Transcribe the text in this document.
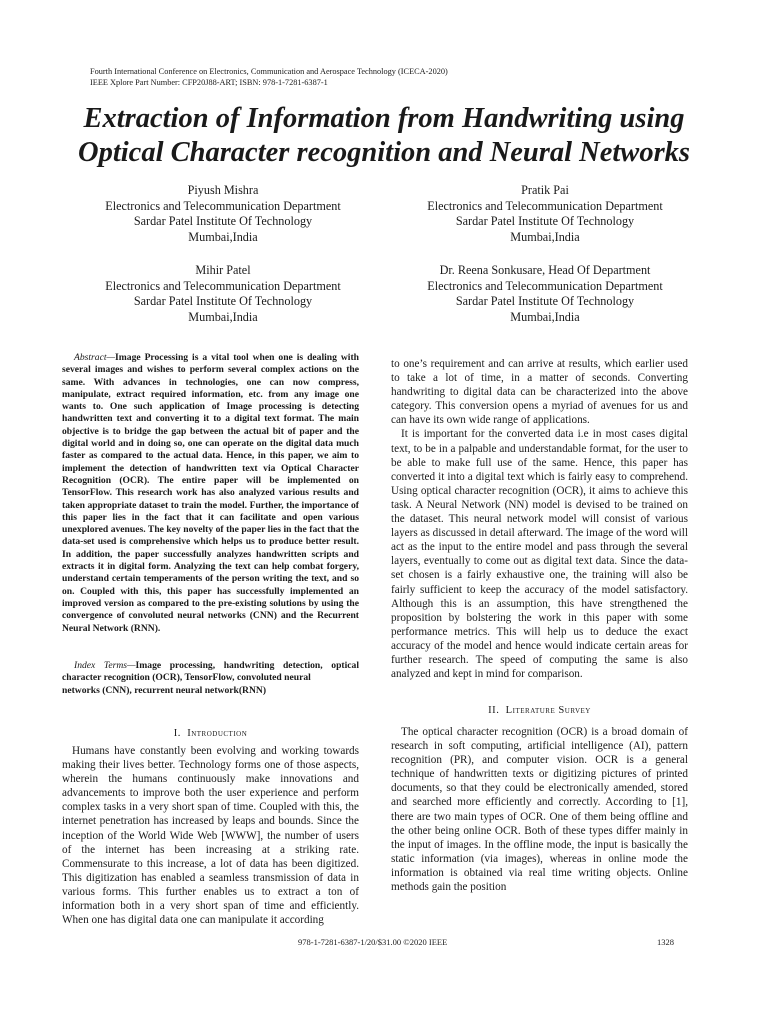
Fourth International Conference on Electronics, Communication and Aerospace Technology (ICECA-2020)
IEEE Xplore Part Number: CFP20J88-ART; ISBN: 978-1-7281-6387-1
Extraction of Information from Handwriting using
Optical Character recognition and Neural Networks
Piyush Mishra
Electronics and Telecommunication Department
Sardar Patel Institute Of Technology
Mumbai,India
Pratik Pai
Electronics and Telecommunication Department
Sardar Patel Institute Of Technology
Mumbai,India
Mihir Patel
Electronics and Telecommunication Department
Sardar Patel Institute Of Technology
Mumbai,India
Dr. Reena Sonkusare, Head Of Department
Electronics and Telecommunication Department
Sardar Patel Institute Of Technology
Mumbai,India

Abstract—Image Processing is a vital tool when one is dealing with several images and wishes to perform several complex actions on the same. With advances in technologies, one can now compress, manipulate, extract required information, etc. from any image one wants to. One such application of Image processing is detecting handwritten text and converting it to a digital text format. The main objective is to bridge the gap between the actual bit of paper and the digital world and in doing so, one can operate on the digital data much faster as compared to the actual data. Hence, in this paper, we aim to implement the detection of handwritten text via Optical Character Recognition (OCR). The entire paper will be implemented on TensorFlow. This research work has also analyzed various results and taken appropriate dataset to train the model. Further, the importance of this paper lies in the fact that it can facilitate and open various unexplored avenues. The key novelty of the paper lies in the fact that the data-set used is comprehensive which helps us to produce better result. In addition, the paper successfully analyzes handwritten scripts and extracts it in digital form. Analyzing the text can help combat forgery, understand certain temperaments of the person writing the text, and so on. Coupled with this, this paper has successfully implemented an improved version as compared to the pre-existing solutions by using the convergence of convoluted neural networks (CNN) and the Recurrent Neural Network (RNN).

Index Terms—Image processing, handwriting detection, optical character recognition (OCR), TensorFlow, convoluted neural

networks (CNN), recurrent neural network(RNN)
I. Introduction

Humans have constantly been evolving and working towards making their lives better. Technology forms one of those aspects, wherein the humans continuously make innovations and advancements to improve both the user experience and perform complex tasks in a very short span of time. Coupled with this, the internet penetration has increased by leaps and bounds. Since the inception of the World Wide Web [WWW], the number of users of the internet has been increasing at a striking rate. Commensurate to this increase, a lot of data has been digitized. This digitization has enabled a seamless transmission of data in various forms. This further enables us to extract a ton of information both in a very short span of time and efficiently. When one has digital data one can manipulate it according

to one’s requirement and can arrive at results, which earlier used to take a lot of time, in a matter of seconds. Converting handwriting to digital data can be characterized into the above category. This conversion opens a myriad of avenues for us and can have its own wide range of applications.

It is important for the converted data i.e in most cases digital text, to be in a palpable and understandable format, for the user to be able to make full use of the same. Hence, this paper has converted it into a digital text which is fairly easy to comprehend. Using optical character recognition (OCR), it aims to achieve this task. A Neural Network (NN) model is devised to be trained on the dataset. This neural network model will consist of various layers as discussed in detail afterward. The image of the word will act as the input to the entire model and pass through the several layers, eventually to come out as digital text data. Since the data-set chosen is a fairly exhaustive one, the training will also be fairly sufficient to keep the accuracy of the model satisfactory. Although this is an assumption, this have strengthened the proposition by bolstering the work in this paper with some performance metrics. This will help us to deduce the exact accuracy of the model and hence would indicate certain areas for further research. The speed of computing the same is also analyzed and kept in mind for comparison.

II. Literature Survey

The optical character recognition (OCR) is a broad domain of research in soft computing, artificial intelligence (AI), pattern recognition (PR), and computer vision. OCR is a general technique of handwritten texts or digitizing pictures of printed documents, so that they could be electronically amended, stored and searched more efficiently and correctly. According to [1], there are two main types of OCR. One of them being offline and the other being online OCR. Both of these types differ mainly in the input of images. In the offline mode, the input is basically the static information (via images), whereas in online mode the information is obtained via real time writing objects. Online methods gain the position

978-1-7281-6387-1/20/$31.00 ©2020 IEEE	1328
